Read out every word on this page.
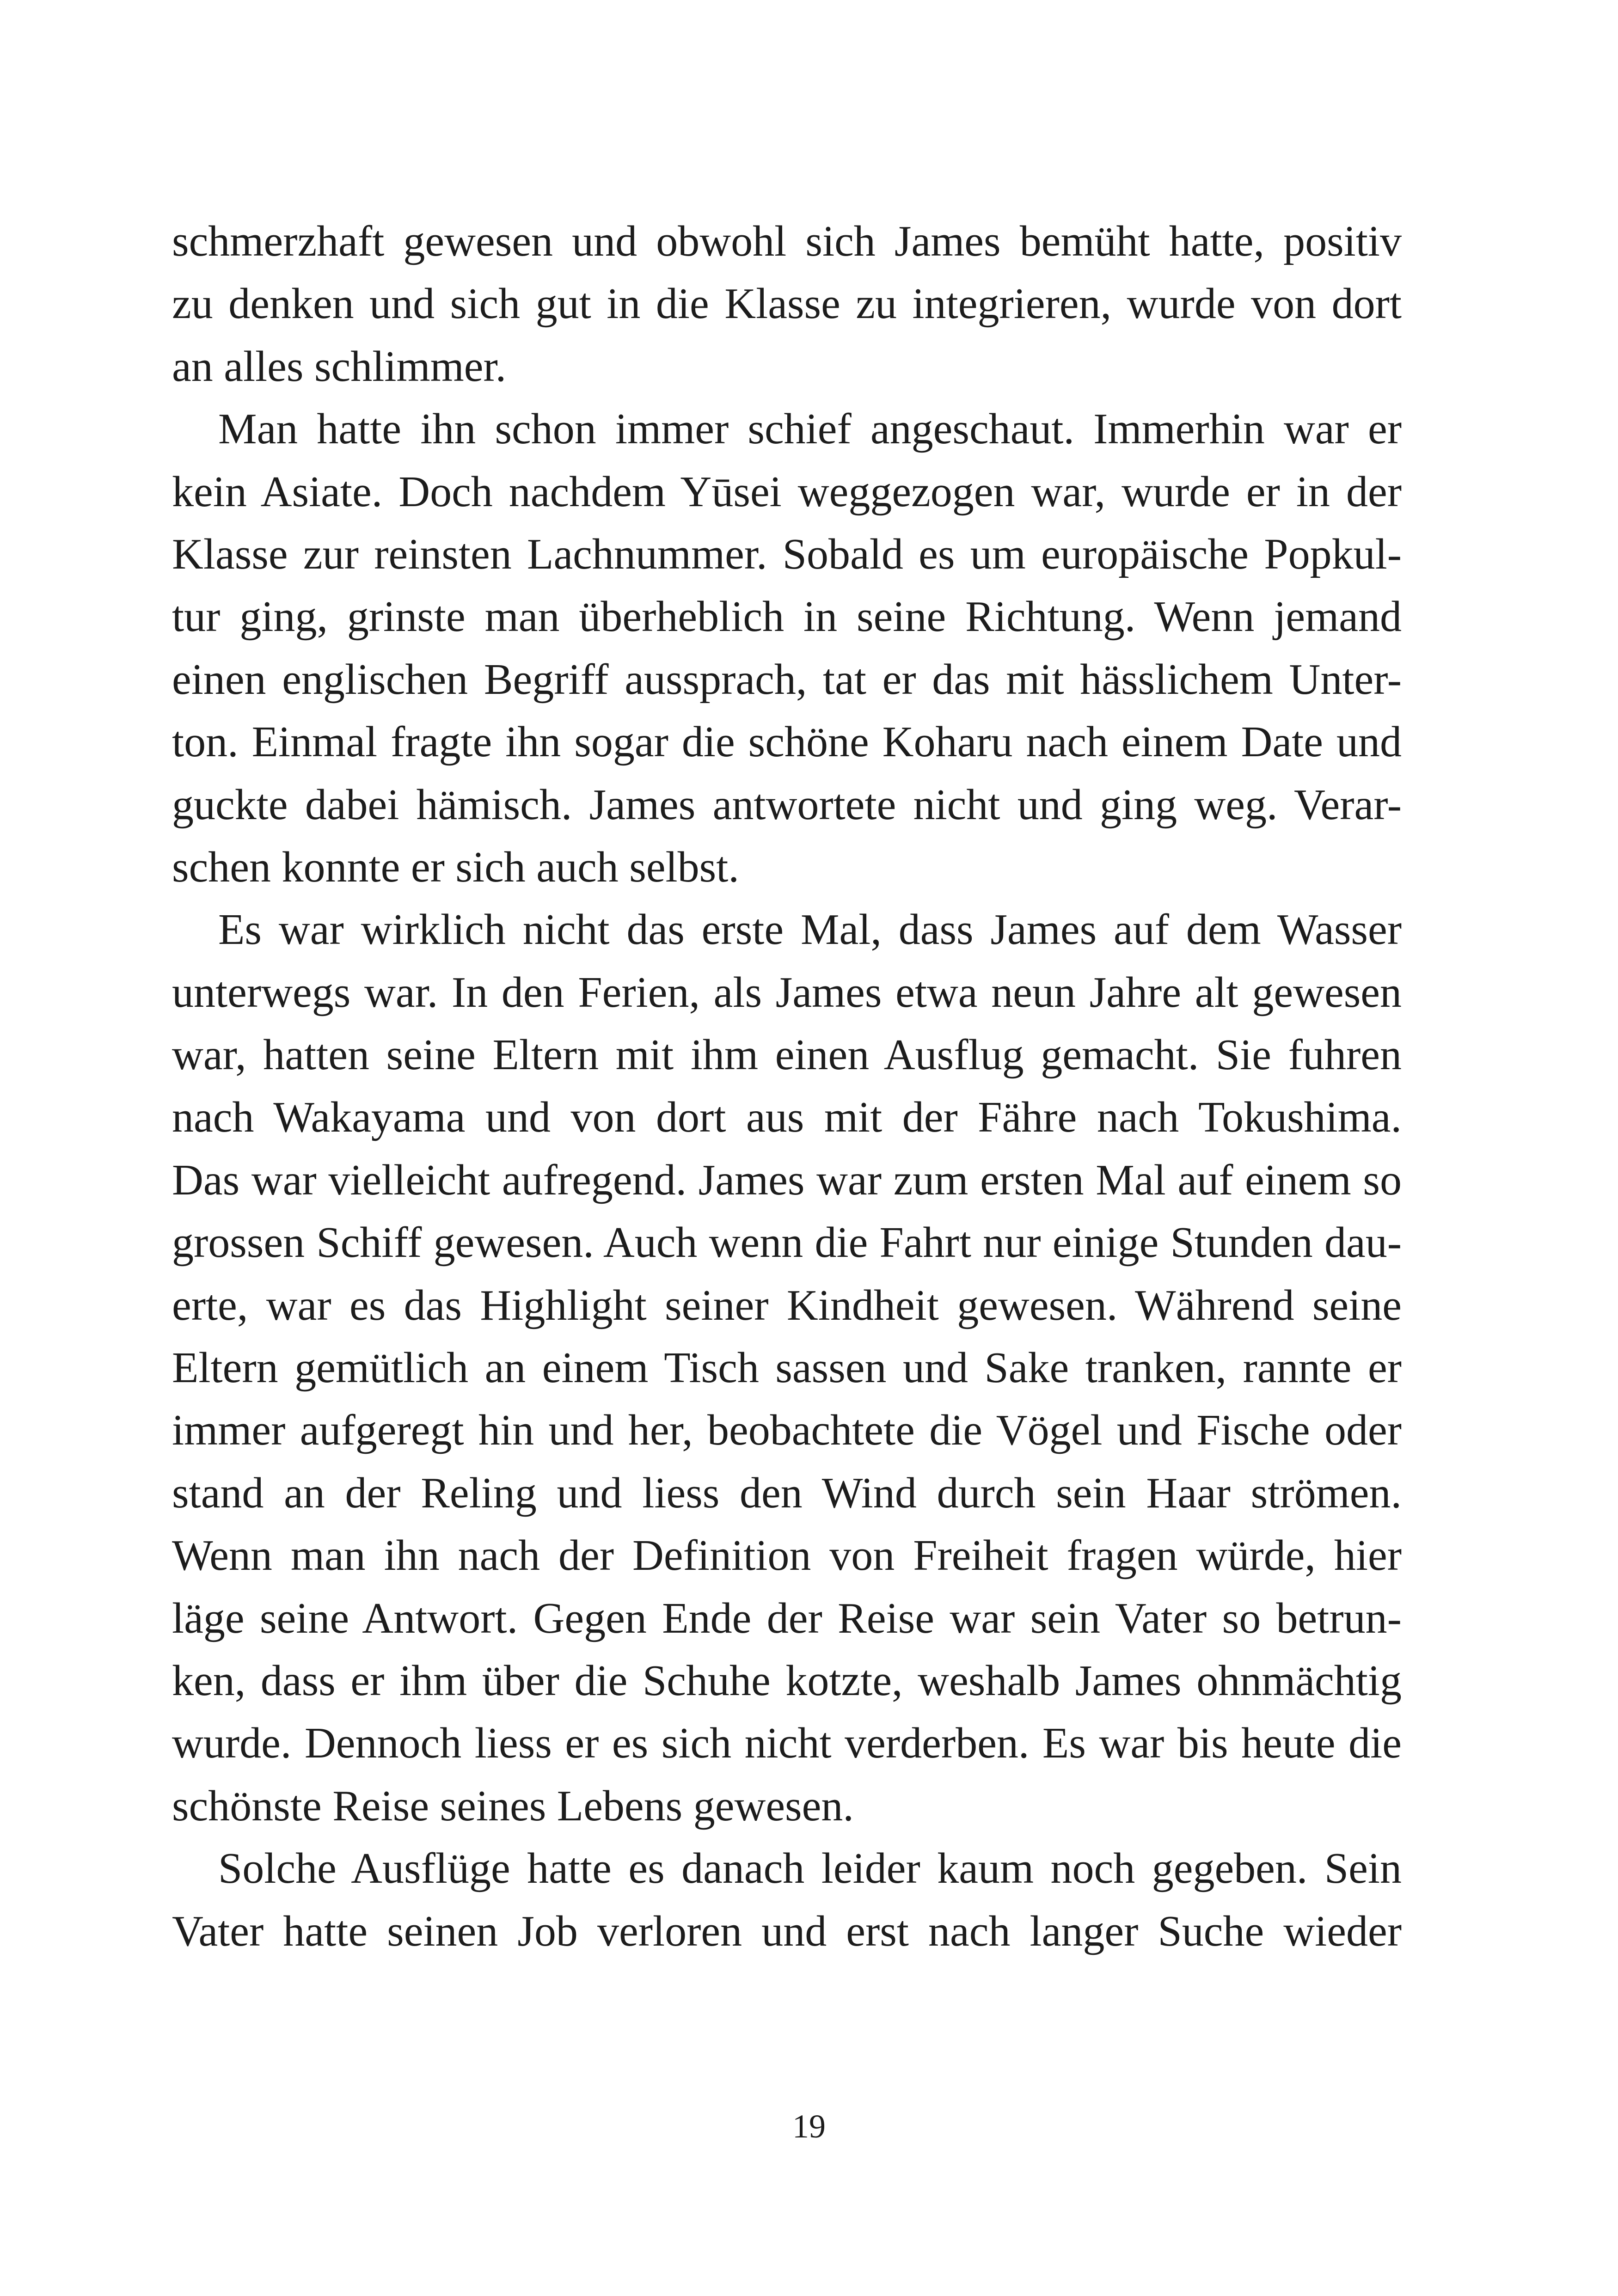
schmerzhaft gewesen und obwohl sich James bemüht hatte, positiv
zu denken und sich gut in die Klasse zu integrieren, wurde von dort
an alles schlimmer.
Man hatte ihn schon immer schief angeschaut. Immerhin war er
kein Asiate. Doch nachdem Yūsei weggezogen war, wurde er in der
Klasse zur reinsten Lachnummer. Sobald es um europäische Popkul-
tur ging, grinste man überheblich in seine Richtung. Wenn jemand
einen englischen Begriff aussprach, tat er das mit hässlichem Unter-
ton. Einmal fragte ihn sogar die schöne Koharu nach einem Date und
guckte dabei hämisch. James antwortete nicht und ging weg. Verar-
schen konnte er sich auch selbst.
Es war wirklich nicht das erste Mal, dass James auf dem Wasser
unterwegs war. In den Ferien, als James etwa neun Jahre alt gewesen
war, hatten seine Eltern mit ihm einen Ausflug gemacht. Sie fuhren
nach Wakayama und von dort aus mit der Fähre nach Tokushima.
Das war vielleicht aufregend. James war zum ersten Mal auf einem so
grossen Schiff gewesen. Auch wenn die Fahrt nur einige Stunden dau-
erte, war es das Highlight seiner Kindheit gewesen. Während seine
Eltern gemütlich an einem Tisch sassen und Sake tranken, rannte er
immer aufgeregt hin und her, beobachtete die Vögel und Fische oder
stand an der Reling und liess den Wind durch sein Haar strömen.
Wenn man ihn nach der Definition von Freiheit fragen würde, hier
läge seine Antwort. Gegen Ende der Reise war sein Vater so betrun-
ken, dass er ihm über die Schuhe kotzte, weshalb James ohnmächtig
wurde. Dennoch liess er es sich nicht verderben. Es war bis heute die
schönste Reise seines Lebens gewesen.
Solche Ausflüge hatte es danach leider kaum noch gegeben. Sein
Vater hatte seinen Job verloren und erst nach langer Suche wieder
19
